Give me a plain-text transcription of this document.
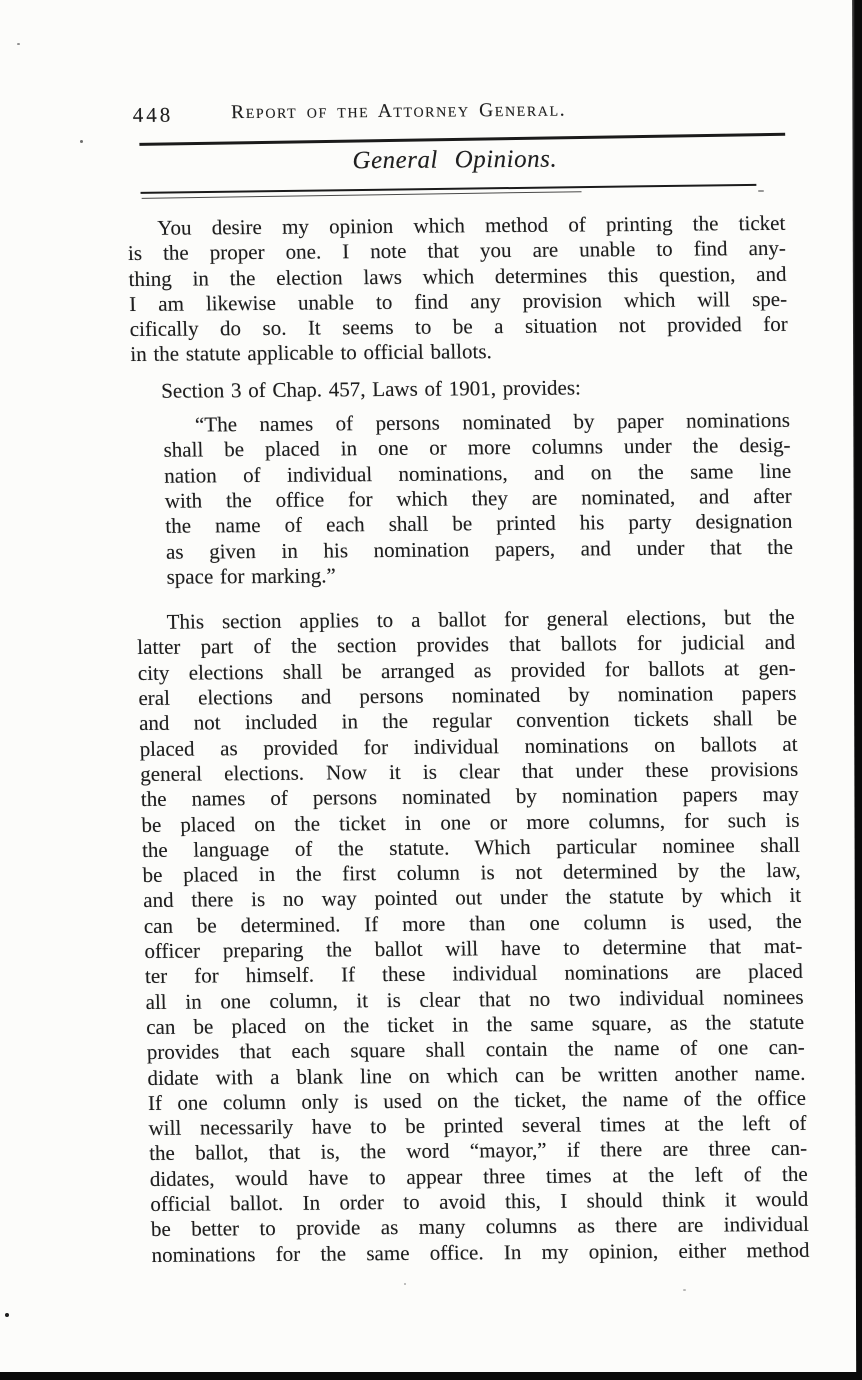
448	Report of the Attorney General.
General Opinions.
You desire my opinion which method of printing the ticket
is the proper one. I note that you are unable to find any-
thing in the election laws which determines this question, and
I am likewise unable to find any provision which will spe-
cifically do so. It seems to be a situation not provided for
in the statute applicable to official ballots.
Section 3 of Chap. 457, Laws of 1901, provides:
“The names of persons nominated by paper nominations
shall be placed in one or more columns under the desig-
nation of individual nominations, and on the same line
with the office for which they are nominated, and after
the name of each shall be printed his party designation
as given in his nomination papers, and under that the
space for marking.”
This section applies to a ballot for general elections, but the
latter part of the section provides that ballots for judicial and
city elections shall be arranged as provided for ballots at gen-
eral elections and persons nominated by nomination papers
and not included in the regular convention tickets shall be
placed as provided for individual nominations on ballots at
general elections. Now it is clear that under these provisions
the names of persons nominated by nomination papers may
be placed on the ticket in one or more columns, for such is
the language of the statute. Which particular nominee shall
be placed in the first column is not determined by the law,
and there is no way pointed out under the statute by which it
can be determined. If more than one column is used, the
officer preparing the ballot will have to determine that mat-
ter for himself. If these individual nominations are placed
all in one column, it is clear that no two individual nominees
can be placed on the ticket in the same square, as the statute
provides that each square shall contain the name of one can-
didate with a blank line on which can be written another name.
If one column only is used on the ticket, the name of the office
will necessarily have to be printed several times at the left of
the ballot, that is, the word “mayor,” if there are three can-
didates, would have to appear three times at the left of the
official ballot. In order to avoid this, I should think it would
be better to provide as many columns as there are individual
nominations for the same office. In my opinion, either method
